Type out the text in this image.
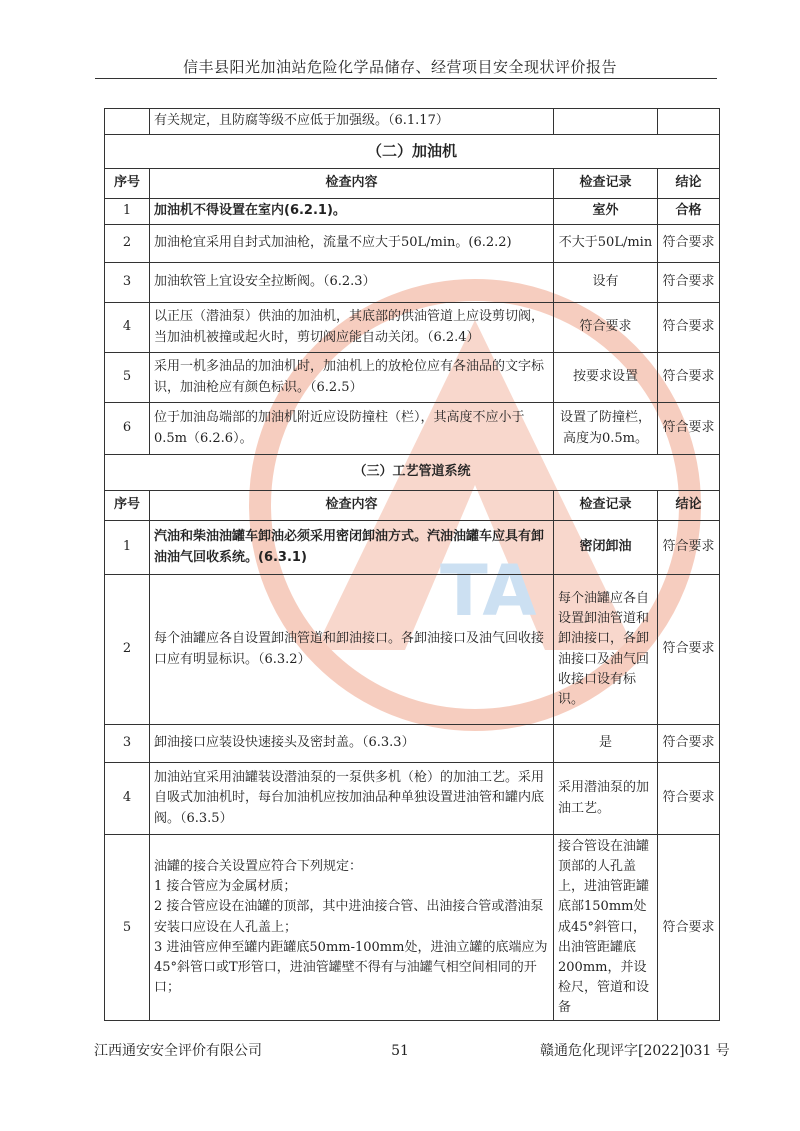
信丰县阳光加油站危险化学品储存、经营项目安全现状评价报告
TA
	有关规定，且防腐等级不应低于加强级。（6.1.17）		
（二）加油机			
序号	检查内容	检查记录	结论
1	加油机不得设置在室内(6.2.1)。	室外	合格
2	加油枪宜采用自封式加油枪，流量不应大于50L/min。(6.2.2)	不大于50L/min	符合要求
3	加油软管上宜设安全拉断阀。（6.2.3）	设有	符合要求
4	以正压（潜油泵）供油的加油机，其底部的供油管道上应设剪切阀，当加油机被撞或起火时，剪切阀应能自动关闭。（6.2.4）	符合要求	符合要求
5	采用一机多油品的加油机时，加油机上的放枪位应有各油品的文字标识，加油枪应有颜色标识。（6.2.5）	按要求设置	符合要求
6	位于加油岛端部的加油机附近应设防撞柱（栏），其高度不应小于0.5m（6.2.6）。	设置了防撞栏，高度为0.5m。	符合要求
（三）工艺管道系统			
序号	检查内容	检查记录	结论
1	汽油和柴油油罐车卸油必须采用密闭卸油方式。汽油油罐车应具有卸油油气回收系统。(6.3.1)	密闭卸油	符合要求
2	每个油罐应各自设置卸油管道和卸油接口。各卸油接口及油气回收接口应有明显标识。（6.3.2）	每个油罐应各自设置卸油管道和卸油接口，各卸油接口及油气回收接口设有标识。	符合要求
3	卸油接口应装设快速接头及密封盖。（6.3.3）	是	符合要求
4	加油站宜采用油罐装设潜油泵的一泵供多机（枪）的加油工艺。采用自吸式加油机时，每台加油机应按加油品种单独设置进油管和罐内底阀。（6.3.5）	采用潜油泵的加油工艺。	符合要求
5	油罐的接合关设置应符合下列规定：
1 接合管应为金属材质；
2 接合管应设在油罐的顶部，其中进油接合管、出油接合管或潜油泵安装口应设在人孔盖上；
3 进油管应伸至罐内距罐底50mm-100mm处，进油立罐的底端应为45°斜管口或T形管口，进油管罐壁不得有与油罐气相空间相同的开口；	接合管设在油罐顶部的人孔盖上，进油管距罐底部150mm处成45°斜管口，出油管距罐底200mm，并设检尺，管道和设备	符合要求
江西通安安全评价有限公司	51	赣通危化现评字[2022]031 号
